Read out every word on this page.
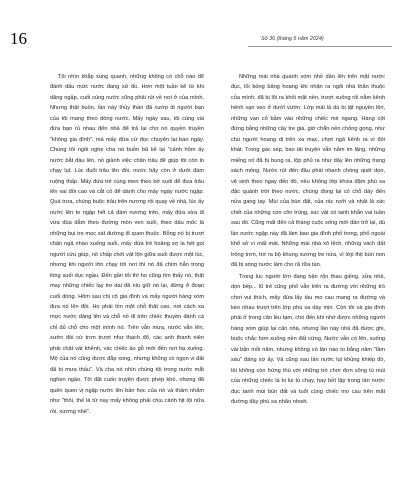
16	Số 36 (tháng 5 năm 2024)

Tôi nhìn khắp xung quanh, những không có chỗ nào để đánh dấu mức nước đang sử đo. Hơn một tuần kể từ khi dâng ngập, cuối cùng nước cũng phải rút về nơi ở của mình. Nhưng thật buồn, lần này thủy thần đã cướp đi người bạn của tôi mang theo dòng nước. Mấy ngày sau, tôi cùng vài đứa bạn rủ nhau đến nhà để trả lại cho nó quyền truyền "không gia đình", mà mấy đứa cứ đọc chuyện lại ban ngày. Chúng tôi ngồi nghe cha nó buồn bã kể lại "cảnh hôm ấy nước bắt đầu lên, nó giành việc chăn trâu để giúp tôi còn lo chạy lụt. Lúc đuổi trâu lên đồi, nước hãy còn ở dưới đám ruộng thấp. Mấy đứa trẻ cùng men theo bờ suối để đưa trâu lên vai đồi cao và cắt cỏ để dành cho mấy ngày nước ngập. Quá trưa, chúng buộc trâu trên nương rồi quay về nhà, lúc ấy nước lên to ngập hết cả đám nương trên, mấy đứa vừa đi vừa đùa dẫm theo đường mòn ven suối, theo dấu mốc là những bụi tre mọc sát đường đi quen thuộc. Bỗng nó bị trượt chân ngã nhào xuống suối, mấy đứa trẻ hoảng sợ la hét gọi người cứu giúp, nó chấp chới vật lộn giữa suối được một lúc, nhưng khi người lớn chạy tới nơi thì nó đã chìm hẳn trong lòng suối dục ngầu. Đến gần tối thì họ cũng tìm thấy nó, thật may những chiếc lạy tre dai đã níu giữ nó lại, đứng ở đoạn cuối dòng. Hôm sau chị cô gia đình và mấy người hàng xóm đưa nó lên đồi. Họ phải tìm một chỗ thật cao, nơi cách xa mực nước dâng lên và chỗ nó đi trên chiếc thuyền đánh cá chỉ đủ chỗ cho một mình nó. Trên vẫn mưa, nước vẫn lên, sườn đồi cứ trơn trượt như thạch đổ, các anh thanh niên phải chặt vát khênh, vác chiếc áo gỗ mới đến nơi hạ xuống. Mộ của nó cũng được đắp xong, nhưng không có ngọn vi đất đã bị mưa thấu". Và cha nó nhìn chúng tôi trong nước mắt nghẹn ngào. Tôi đặt cuốn truyện được phép khó, nhưng đã quên quen vị ngập nước lên bản học của nó và thầm nhẩm như "thôi, thế là từ nay mấy không phải chịu cảnh hịt lội nữa rồi, xương nhé".

Những mái nhà quanh xóm nhỏ dần lên trên mặt nước đục, lối bỏng băng hoang khi nhận ra ngôi nhà thân thuộc của mình, đã bị lôi ra khỏi mặt nền, trượt xuống rối nằm kênh hênh vạn vẹo ở dưới vườn. Lớp mái lá dù bị lật nguyên lên, những vạn cỏ băm vào những chiếc mè ngang. Hàng cột đứng bằng những cây tre già, giờ chẳn nền chống gọng, như chú người hoang dị trên xa mạc, chợt ngã kênh ra vì đói khát. Trong gác xép, bao tải truyện vẫn nằm im lặng, những miếng nó đã bị bung ra, lộp phủ ra như dây lên những trang sách mỏng. Nước rút đến đâu phải nhanh chóng quét dọn, vệ sinh theo ngay đến đó, nếu không lớp khứa đặm phù sa đặc quánh trời theo nước, chúng đọng lại có chỗ dày đến nửa gang tay. Mùi của bùn đất, của rác rưởi và nhất là xác chết của những con côn trùng, súc vật có tanh khắn vai tuần sau đó. Cũng mất đến cả tháng cuộc sống mới dần trở lại, dù lần nước ngập này đã làm bao gia đình phố trong, phố ngoài khổ sở vì mất mát. Những mái nhà xô lệch, những vách đất trống trơn, trơ ra bộ khung xương tre nứa, vì lớp thịt bùn non đã bị sóng nước làm cho rã rữa tan.

Trong lúc người lớn đang bận rộn thau giếng, sửa nhà, dọn bếp... lũ trẻ cũng phố vẫn trên ra đường với những trò chơi vui thích, mấy đứa lấy tàu mo cau mang ra đường và kéo nhau trượt trên lớp phù sa dày mịn. Còn tôi và gia đình phải ở trong căn lều tạm, cho đến khi nhờ được những người hàng xóm giúp lại căn nhà, nhưng lần này nhà đã được ghi, buộc chắc hơn xuống nền đất cứng. Nước vẫn có lên, xuống vài bận mỗi năm, nhưng không có lần nào to bằng năm "lâm sáu" đáng sợ ấy. Và cũng sau lần nước lụt khủng khiếp đó, tôi không còn hứng thú với những trò chơi đơn sông tù mùi của những chiếc lá bị lui tù chạy, hay bởi lập trong lán nước đục tanh mùi bùn đất và tuổi cùng chiếc mo cau trên mặt đường đầy phù sa nhão nhoét.
